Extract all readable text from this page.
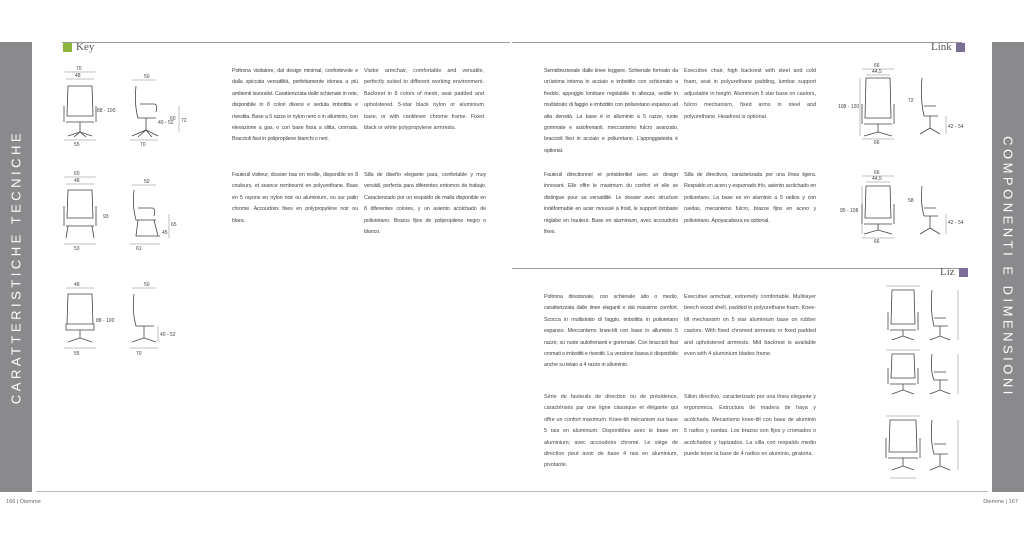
CARATTERISTICHE TECNICHE	COMPONENTI E DIMENSIONI
Key	Link
Liz
70
48
88 - 100
55
50
40 - 52
60 72
70
60
48
93
53
50
45
65
61
48
88 - 100
55
50
40 - 52
70
Poltrona visitatore, dal design minimal, confortevole e dalla spiccata versatilità, perfettamente idonea a più ambienti lavorativi. Caratterizzata dallo schienale in rete, disponibile in 8 colori diversi e seduta imbottita e rivestita. Base a 5 razze in nylon nero o in alluminio, con elevazione a gas, o con base fissa a slitta, cromata. Braccioli fissi in polipropilene bianchi o neri.
Visitor armchair, comfortable and versatile, perfectly suited to different working environment. Backrest in 8 colors of mesh, seat padded and upholstered. 5-star black nylon or aluminium base, or with cantilever chrome frame. Fixed black or white polypropylene armrests.
Fauteuil visiteur, dossier bas en resille, disponible en 8 couleurs, et seance rembourré en polyurethane. Base en 5 rayons en nylon noir ou aluminium, ou sur patin chromé. Accoudoirs fixes en polypropylène noir ou blanc.
Silla de diseño elegante para, confortable y muy versátil, perfecta para diferentes entornos de trabajo. Caracterizado por un respaldo de malla disponible en 8 diferentes colores, y un asiento acolchado de poliuretano. Brazos fijos de polipropileno negro o blanco.
Semidirezionale dalle linee leggere. Schienale formato da un'anima interna in acciaio e imbottito con schiumato a freddo, appoggio lombare regolabile in altezza, sedile in multistrato di faggio e imbottito con poliuretano espanso ad alta densità. La base è in alluminio a 5 razze, ruote gommate e autofrenanti, meccanismo fulcro avanzato, braccioli fissi in acciaio e poliuretano. L'appoggiatesta è optional.
Executive chair, high backrest with steel and cold foam, seat in polyurethane padding, lumbar support adjustable in height. Aluminium 5 star base on castors, fulcro mechanism, fixed arms in steel and polyurethane. Headrest is optional.
Fauteuil directionnel et présidentiel avec un design innovant. Elle offre le maximum du confort et elle se distingue pour sa versatilité. Le dossier avec structure indéformable en acier moussé à froid, le support lombaire réglabe en hauteur. Base en aluminium, avec accoudoirs fixes.
Silla de directivos, caracterizada por una línea ligera. Respaldo en acero y espumado frío, asiento acolchado en poliuretano. La base es en aluminio a 5 radios y con ruedas, mecanismo fulcro, brazos fijos en acero y poliuretano. Apoyacabeza es optional.
66
44,5
108 - 120
66
72
42 - 54
66
44,5
95 - 108
66
58
42 - 54
Poltrona direzionale, con schienale alto o medio, caratterizzata dalle linee eleganti e dal massimo comfort. Scocca in multistrato di faggio, imbottita in poliuretano espanso. Meccanismo knee-tilt con base in alluminio 5 razze, su ruote autofrenanti e gommate. Con braccioli fissi cromati o imbottiti e rivestiti. La versione bassa è disponibile anche su telaio a 4 razze in alluminio.
Executive armchair, extremely comfortable. Multilayer beech wood shell, padded in polyurethane foam. Knee-tilt mechanism on 5 star aluminium base on rubber castors. With fixed chromed armrests or fixed padded and upholstered armrests. Mid backrest is available even with 4 aluminium blades frame.
Série de fauteuils de direction ou de présidence, caractérisés par une ligne classique et élégante qui offre un confort maximum. Knee-tilt mécanism sur base 5 rais en aluminium. Disponibles avec le base en aluminium; avec accoudoirs chromé. Le siège de direction peut avoir de base 4 rais en aluminium, pivotante.
Sillon directivo, caracterizado por una línea elegante y ergonomica. Estructura de madera de haya y acolchada. Mecanismo knee-tilt con base de aluminio 5 radios y ruedas. Los brazos son fijos y cromados o acolchados y tapizados. La silla con respaldo medio puede tener la base de 4 radios en aluminio, giratoria.
166 | Diemme	Diemme | 167
